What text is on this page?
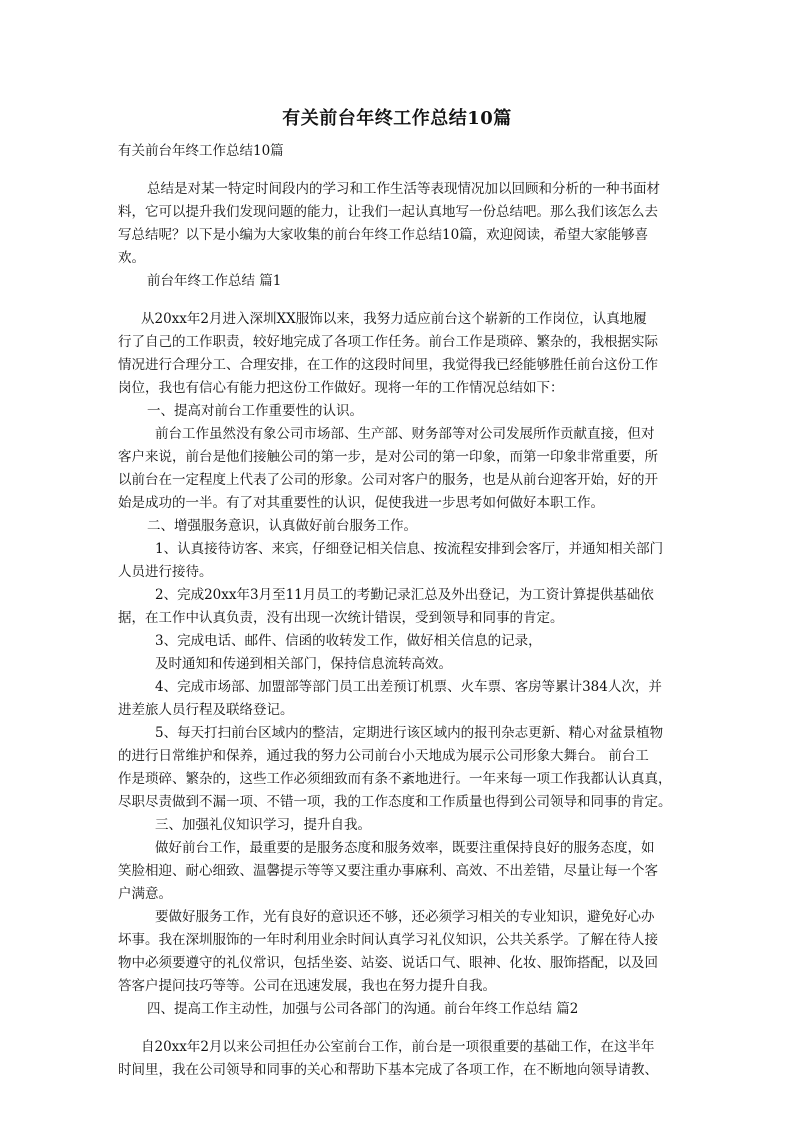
有关前台年终工作总结10篇
有关前台年终工作总结10篇
总结是对某一特定时间段内的学习和工作生活等表现情况加以回顾和分析的一种书面材
料，它可以提升我们发现问题的能力，让我们一起认真地写一份总结吧。那么我们该怎么去
写总结呢？以下是小编为大家收集的前台年终工作总结10篇，欢迎阅读，希望大家能够喜
欢。
前台年终工作总结 篇1
从20xx年2月进入深圳XX服饰以来，我努力适应前台这个崭新的工作岗位，认真地履
行了自己的工作职责，较好地完成了各项工作任务。前台工作是琐碎、繁杂的，我根据实际
情况进行合理分工、合理安排，在工作的这段时间里，我觉得我已经能够胜任前台这份工作
岗位，我也有信心有能力把这份工作做好。现将一年的工作情况总结如下：
一、提高对前台工作重要性的认识。
前台工作虽然没有象公司市场部、生产部、财务部等对公司发展所作贡献直接，但对
客户来说，前台是他们接触公司的第一步，是对公司的第一印象，而第一印象非常重要，所
以前台在一定程度上代表了公司的形象。公司对客户的服务，也是从前台迎客开始，好的开
始是成功的一半。有了对其重要性的认识，促使我进一步思考如何做好本职工作。
二、增强服务意识，认真做好前台服务工作。
1、认真接待访客、来宾，仔细登记相关信息、按流程安排到会客厅，并通知相关部门
人员进行接待。
2、完成20xx年3月至11月员工的考勤记录汇总及外出登记，为工资计算提供基础依
据，在工作中认真负责，没有出现一次统计错误，受到领导和同事的肯定。
3、完成电话、邮件、信函的收转发工作，做好相关信息的记录，
及时通知和传递到相关部门，保持信息流转高效。
4、完成市场部、加盟部等部门员工出差预订机票、火车票、客房等累计384人次，并
进差旅人员行程及联络登记。
5、每天打扫前台区域内的整洁，定期进行该区域内的报刊杂志更新、精心对盆景植物
的进行日常维护和保养，通过我的努力公司前台小天地成为展示公司形象大舞台。 前台工
作是琐碎、繁杂的，这些工作必须细致而有条不紊地进行。一年来每一项工作我都认认真真，
尽职尽责做到不漏一项、不错一项，我的工作态度和工作质量也得到公司领导和同事的肯定。
三、加强礼仪知识学习，提升自我。
做好前台工作，最重要的是服务态度和服务效率，既要注重保持良好的服务态度，如
笑脸相迎、耐心细致、温馨提示等等又要注重办事麻利、高效、不出差错，尽量让每一个客
户满意。
要做好服务工作，光有良好的意识还不够，还必须学习相关的专业知识，避免好心办
坏事。我在深圳服饰的一年时利用业余时间认真学习礼仪知识，公共关系学。了解在待人接
物中必须要遵守的礼仪常识，包括坐姿、站姿、说话口气、眼神、化妆、服饰搭配，以及回
答客户提问技巧等等。公司在迅速发展，我也在努力提升自我。
四、提高工作主动性，加强与公司各部门的沟通。前台年终工作总结 篇2
自20xx年2月以来公司担任办公室前台工作，前台是一项很重要的基础工作，在这半年
时间里，我在公司领导和同事的关心和帮助下基本完成了各项工作，在不断地向领导请教、
